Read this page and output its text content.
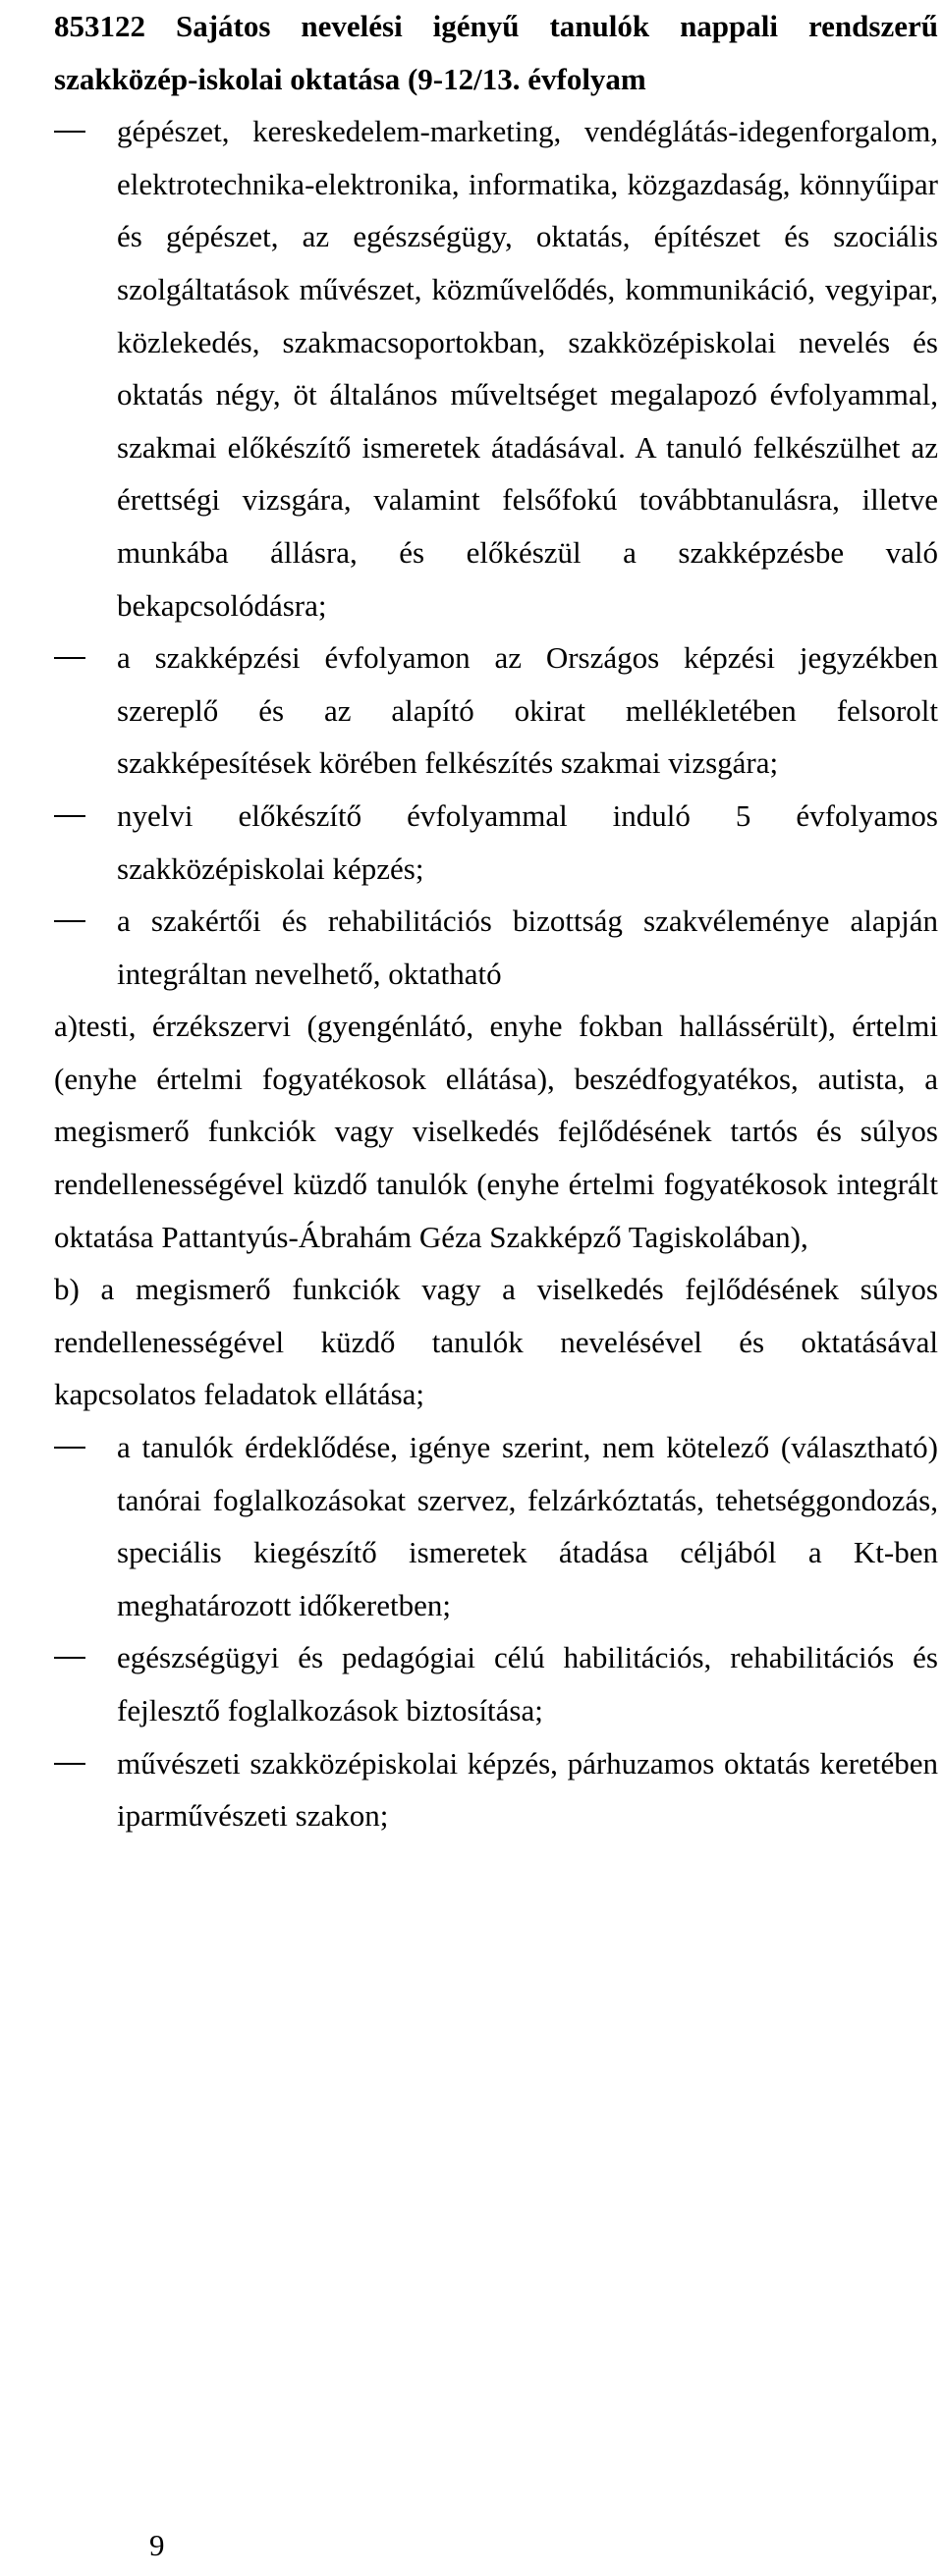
853122 Sajátos nevelési igényű tanulók nappali rendszerű szakközép-iskolai oktatása (9-12/13. évfolyam

gépészet, kereskedelem-marketing, vendéglátás-idegenforgalom, elektrotechnika-elektronika, informatika, közgazdaság, könnyűipar és gépészet, az egészségügy, oktatás, építészet és szociális szolgáltatások művészet, közművelődés, kommunikáció, vegyipar, közlekedés, szakmacsoportokban, szakközépiskolai nevelés és oktatás négy, öt általános műveltséget megalapozó évfolyammal, szakmai előkészítő ismeretek átadásával. A tanuló felkészülhet az érettségi vizsgára, valamint felsőfokú továbbtanulásra, illetve munkába állásra, és előkészül a szakképzésbe való bekapcsolódásra;
a szakképzési évfolyamon az Országos képzési jegyzékben szereplő és az alapító okirat mellékletében felsorolt szakképesítések körében felkészítés szakmai vizsgára;
nyelvi előkészítő évfolyammal induló 5 évfolyamos szakközépiskolai képzés;
a szakértői és rehabilitációs bizottság szakvéleménye alapján integráltan nevelhető, oktatható

a)testi, érzékszervi (gyengénlátó, enyhe fokban hallássérült), értelmi (enyhe értelmi fogyatékosok ellátása), beszédfogyatékos, autista, a megismerő funkciók vagy viselkedés fejlődésének tartós és súlyos rendellenességével küzdő tanulók (enyhe értelmi fogyatékosok integrált oktatása Pattantyús-Ábrahám Géza Szakképző Tagiskolában),

b) a megismerő funkciók vagy a viselkedés fejlődésének súlyos rendellenességével küzdő tanulók nevelésével és oktatásával kapcsolatos feladatok ellátása;

a tanulók érdeklődése, igénye szerint, nem kötelező (választható) tanórai foglalkozásokat szervez, felzárkóztatás, tehetséggondozás, speciális kiegészítő ismeretek átadása céljából a Kt-ben meghatározott időkeretben;
egészségügyi és pedagógiai célú habilitációs, rehabilitációs és fejlesztő foglalkozások biztosítása;
művészeti szakközépiskolai képzés, párhuzamos oktatás keretében iparművészeti szakon;
9
